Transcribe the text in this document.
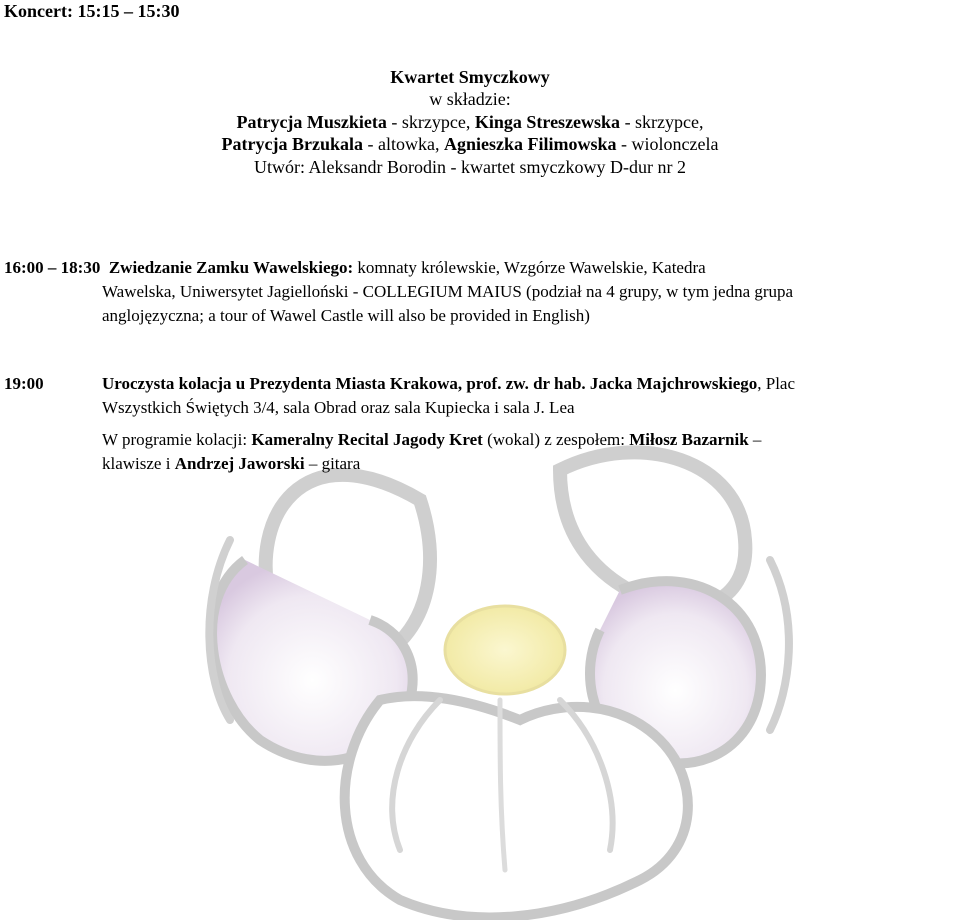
Koncert: 15:15 – 15:30
Kwartet Smyczkowy
w składzie:
Patrycja Muszkieta - skrzypce, Kinga Streszewska - skrzypce,
Patrycja Brzukala - altowka, Agnieszka Filimowska - wiolonczela
Utwór: Aleksandr Borodin - kwartet smyczkowy D-dur nr 2
16:00 – 18:30 Zwiedzanie Zamku Wawelskiego: komnaty królewskie, Wzgórze Wawelskie, Katedra
Wawelska, Uniwersytet Jagielloński - COLLEGIUM MAIUS (podział na 4 grupy, w tym jedna grupa
anglojęzyczna; a tour of Wawel Castle will also be provided in English)
19:00	Uroczysta kolacja u Prezydenta Miasta Krakowa, prof. zw. dr hab. Jacka Majchrowskiego, Plac
Wszystkich Świętych 3/4, sala Obrad oraz sala Kupiecka i sala J. Lea
W programie kolacji: Kameralny Recital Jagody Kret (wokal) z zespołem: Miłosz Bazarnik –
klawisze i Andrzej Jaworski – gitara
